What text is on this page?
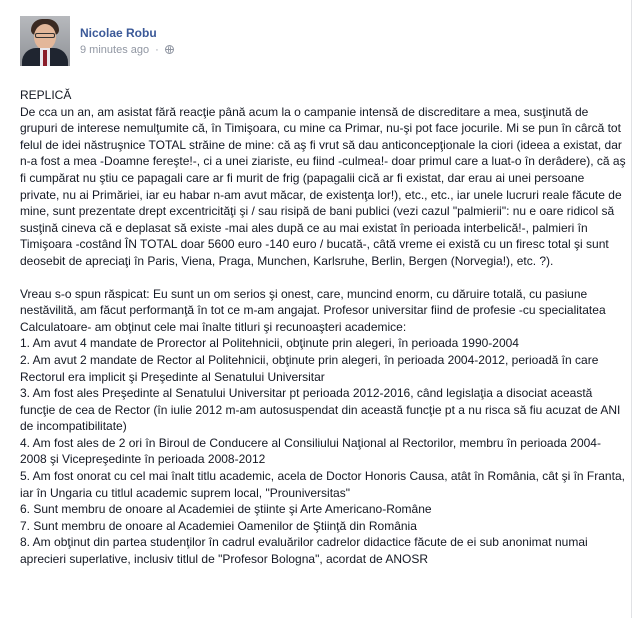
Nicolae Robu
9 minutes ago ·

REPLICĂ

De cca un an, am asistat fără reacţie până acum la o campanie intensă de discreditare a mea, susţinută de grupuri de interese nemulţumite că, în Timişoara, cu mine ca Primar, nu-şi pot face jocurile. Mi se pun în cârcă tot felul de idei năstruşnice TOTAL străine de mine: că aş fi vrut să dau anticoncepţionale la ciori (ideea a existat, dar n-a fost a mea -Doamne fereşte!-, ci a unei ziariste, eu fiind -culmea!- doar primul care a luat-o în derâdere), că aş fi cumpărat nu ştiu ce papagali care ar fi murit de frig (papagalii cică ar fi existat, dar erau ai unei persoane private, nu ai Primăriei, iar eu habar n-am avut măcar, de existenţa lor!), etc., etc., iar unele lucruri reale făcute de mine, sunt prezentate drept excentricităţi şi / sau risipă de bani publici (vezi cazul "palmierii": nu e oare ridicol să susţină cineva că e deplasat să existe -mai ales după ce au mai existat în perioada interbelică!-, palmieri în Timişoara -costând ÎN TOTAL doar 5600 euro -140 euro / bucată-, câtă vreme ei există cu un firesc total şi sunt deosebit de apreciaţi în Paris, Viena, Praga, Munchen, Karlsruhe, Berlin, Bergen (Norvegia!), etc. ?).

Vreau s-o spun răspicat: Eu sunt un om serios şi onest, care, muncind enorm, cu dăruire totală, cu pasiune nestăvilită, am făcut performanţă în tot ce m-am angajat. Profesor universitar fiind de profesie -cu specialitatea Calculatoare- am obţinut cele mai înalte titluri şi recunoaşteri academice:

1. Am avut 4 mandate de Prorector al Politehnicii, obţinute prin alegeri, în perioada 1990-2004

2. Am avut 2 mandate de Rector al Politehnicii, obţinute prin alegeri, în perioada 2004-2012, perioadă în care Rectorul era implicit şi Preşedinte al Senatului Universitar

3. Am fost ales Preşedinte al Senatului Universitar pt perioada 2012-2016, când legislaţia a disociat această funcţie de cea de Rector (în iulie 2012 m-am autosuspendat din această funcţie pt a nu risca să fiu acuzat de ANI de incompatibilitate)

4. Am fost ales de 2 ori în Biroul de Conducere al Consiliului Naţional al Rectorilor, membru în perioada 2004-2008 şi Vicepreşedinte în perioada 2008-2012

5. Am fost onorat cu cel mai înalt titlu academic, acela de Doctor Honoris Causa, atât în România, cât şi în Franta, iar în Ungaria cu titlul academic suprem local, "Prouniversitas"

6. Sunt membru de onoare al Academiei de ştiinte şi Arte Americano-Române

7. Sunt membru de onoare al Academiei Oamenilor de Ştiinţă din România

8. Am obţinut din partea studenţilor în cadrul evaluărilor cadrelor didactice făcute de ei sub anonimat numai aprecieri superlative, inclusiv titlul de "Profesor Bologna", acordat de ANOSR
